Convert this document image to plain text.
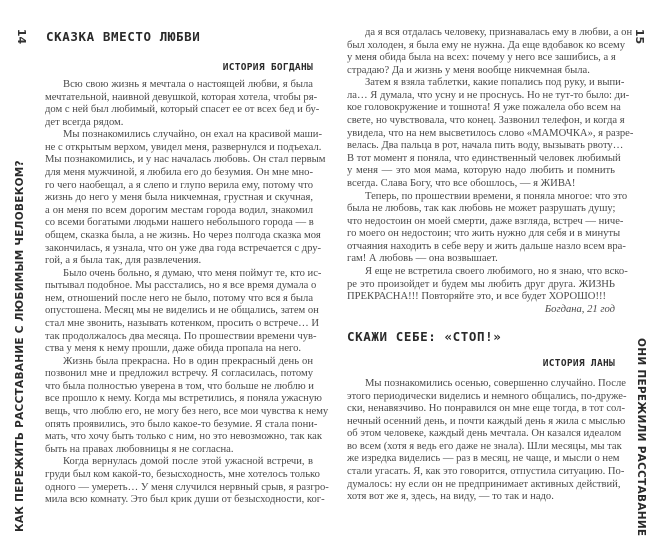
14
КАК ПЕРЕЖИТЬ РАССТАВАНИЕ С ЛЮБИМЫМ ЧЕЛОВЕКОМ?
СКАЗКА ВМЕСТО ЛЮБВИ
ИСТОРИЯ БОГДАНЫ
Всю свою жизнь я мечтала о настоящей любви, я была
мечтательной, наивной девушкой, которая хотела, чтобы ря-
дом с ней был любимый, который спасет ее от всех бед и бу-
дет всегда рядом.
Мы познакомились случайно, он ехал на красивой маши-
не с открытым верхом, увидел меня, развернулся и подъехал.
Мы познакомились, и у нас началась любовь. Он стал первым
для меня мужчиной, я любила его до безумия. Он мне мно-
го чего наобещал, а я слепо и глупо верила ему, потому что
жизнь до него у меня была никчемная, грустная и скучная,
а он меня по всем дорогим местам города водил, знакомил
со всеми богатыми людьми нашего небольшого города — в
общем, сказка была, а не жизнь. Но через полгода сказка моя
закончилась, я узнала, что он уже два года встречается с дру-
гой, а я была так, для развлечения.
Было очень больно, я думаю, что меня поймут те, кто ис-
пытывал подобное. Мы расстались, но я все время думала о
нем, отношений после него не было, потому что вся я была
опустошена. Месяц мы не виделись и не общались, затем он
стал мне звонить, называть котенком, просить о встрече… И
так продолжалось два месяца. По прошествии времени чув-
ства у меня к нему прошли, даже обида пропала на него.
Жизнь была прекрасна. Но в один прекрасный день он
позвонил мне и предложил встречу. Я согласилась, потому
что была полностью уверена в том, что больше не люблю и
все прошло к нему. Когда мы встретились, я поняла ужасную
вещь, что люблю его, не могу без него, все мои чувства к нему
опять проявились, это было какое-то безумие. Я стала пони-
мать, что хочу быть только с ним, но это невозможно, так как
быть на правах любовницы я не согласна.
Когда вернулась домой после этой ужасной встречи, в
груди был ком какой-то, безысходность, мне хотелось только
одного — умереть… У меня случился нервный срыв, я разгро-
мила всю комнату. Это был крик души от безысходности, ког-
15
ОНИ ПЕРЕЖИЛИ РАССТАВАНИЕ
да я вся отдалась человеку, признавалась ему в любви, а он
был холоден, я была ему не нужна. Да еще вдобавок ко всему
у меня обида была на всех: почему у него все зашибись, а я
страдаю? Да и жизнь у меня вообще никчемная была.
Затем я взяла таблетки, какие попались под руку, и выпи-
ла… Я думала, что усну и не проснусь. Но не тут-то было: ди-
кое головокружение и тошнота! Я уже пожалела обо всем на
свете, но чувствовала, что конец. Зазвонил телефон, и когда я
увидела, что на нем высветилось слово «МАМОЧКА», я разре-
велась. Два пальца в рот, начала пить воду, вызывать рвоту…
В тот момент я поняла, что единственный человек любимый
у меня — это моя мама, которую надо любить и помнить
всегда. Слава Богу, что все обошлось, — я ЖИВА!
Теперь, по прошествии времени, я поняла многое: что это
была не любовь, так как любовь не может разрушать душу;
что недостоин он моей смерти, даже взгляда, встреч — ниче-
го моего он недостоин; что жить нужно для себя и в минуты
отчаяния находить в себе веру и жить дальше назло всем вра-
гам! А любовь — она возвышает.
Я еще не встретила своего любимого, но я знаю, что вско-
ре это произойдет и будем мы любить друг друга. ЖИЗНЬ
ПРЕКРАСНА!!! Повторяйте это, и все будет ХОРОШО!!!
Богдана, 21 год
СКАЖИ СЕБЕ: «СТОП!»
ИСТОРИЯ ЛАНЫ
Мы познакомились осенью, совершенно случайно. После
этого периодически виделись и немного общались, по-друже-
ски, ненавязчиво. Но понравился он мне еще тогда, в тот сол-
нечный осенний день, и почти каждый день я жила с мыслью
об этом человеке, каждый день мечтала. Он казался идеалом
во всем (хотя я ведь его даже не знала). Шли месяцы, мы так
же изредка виделись — раз в месяц, не чаще, и мысли о нем
стали угасать. Я, как это говорится, отпустила ситуацию. По-
думалось: ну если он не предпринимает активных действий,
хотя вот же я, здесь, на виду, — то так и надо.
